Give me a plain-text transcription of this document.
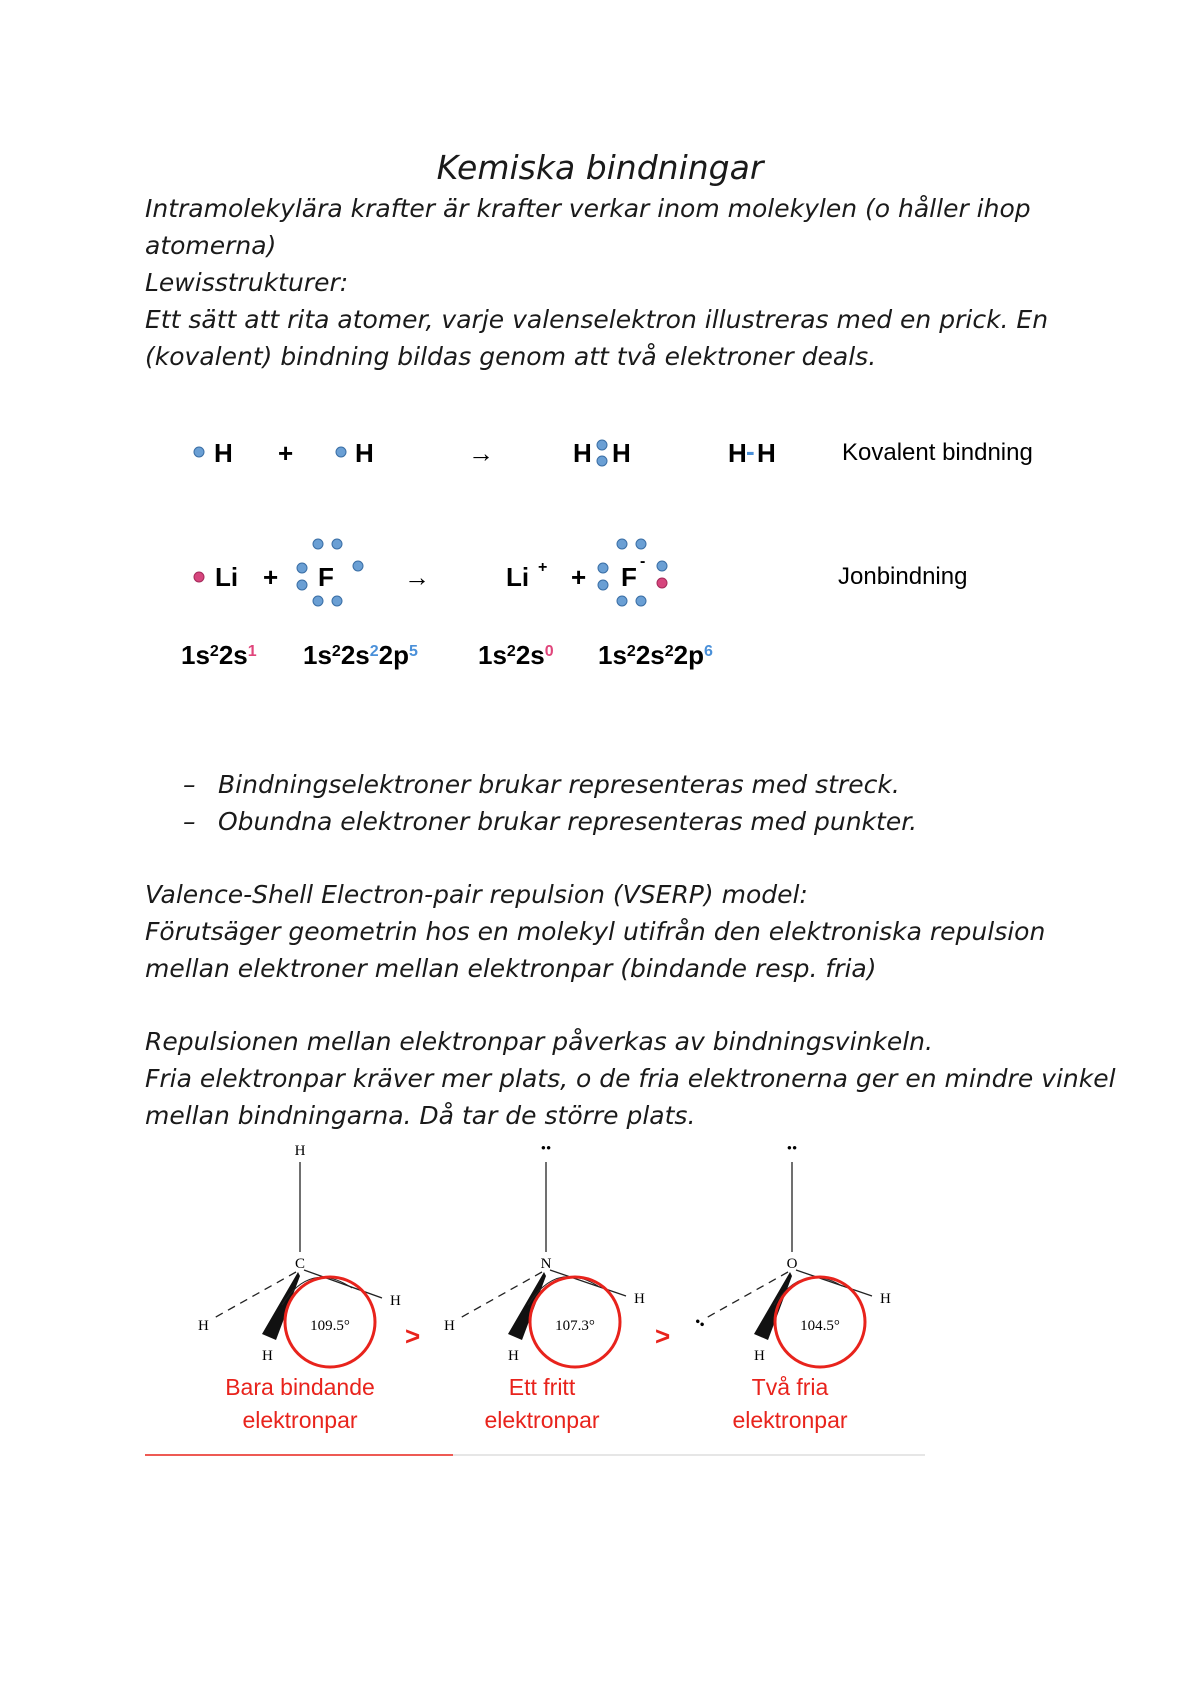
Kemiska bindningar
Intramolekylära krafter är krafter verkar inom molekylen (o håller ihop
atomerna)
Lewisstrukturer:
Ett sätt att rita atomer, varje valenselektron illustreras med en prick. En
(kovalent) bindning bildas genom att två elektroner deals.
H + H	→	H H	H - H	Kovalent bindning
Li + F	→	Li + + F
-
Jonbindning
$1s^22s^1$ $1s^22s^22p^5$ $1s^22s^0$ $1s^22s^22p^6$
– Bindningselektroner brukar representeras med streck.
– Obundna elektroner brukar representeras med punkter.
Valence-Shell Electron-pair repulsion (VSERP) model:
Förutsäger geometrin hos en molekyl utifrån den elektroniska repulsion
mellan elektroner mellan elektronpar (bindande resp. fria)
Repulsionen mellan elektronpar påverkas av bindningsvinkeln.
Fria elektronpar kräver mer plats, o de fria elektronerna ger en mindre vinkel
mellan bindningarna. Då tar de större plats.
H
C
H
H
H
109.5°
Bara bindande
elektronpar
>
••
N
H
H
H
107.3°
Ett fritt
elektronpar
>
••
O
H
••
H
104.5°
Två fria
elektronpar
